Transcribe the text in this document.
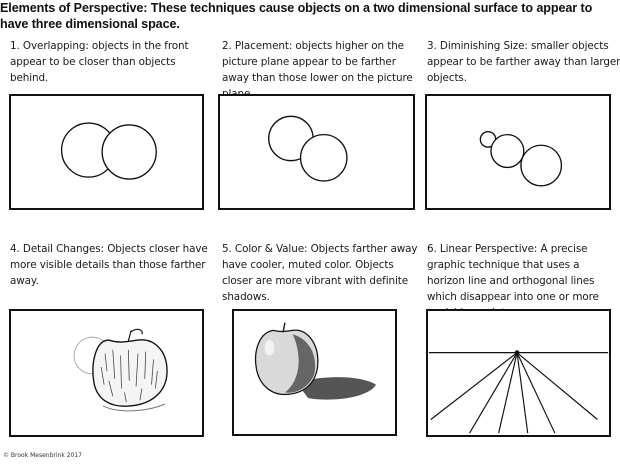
Elements of Perspective: These techniques cause objects on a two dimensional surface to appear to have three dimensional space.
1. Overlapping: objects in the front appear to be closer than objects behind.
2. Placement: objects higher on the picture plane appear to be farther away than those lower on the picture
3. Diminishing Size: smaller objects appear to be farther away than larger objects.
4. Detail Changes: Objects closer have more visible details than those farther away.
5. Color & Value: Objects farther away have cooler, muted color. Objects closer are more vibrant with definite shadows.
6. Linear Perspective: A precise graphic technique that uses a horizon line and orthogonal lines which disappear into one or more
© Brook Mesenbrink 2017
